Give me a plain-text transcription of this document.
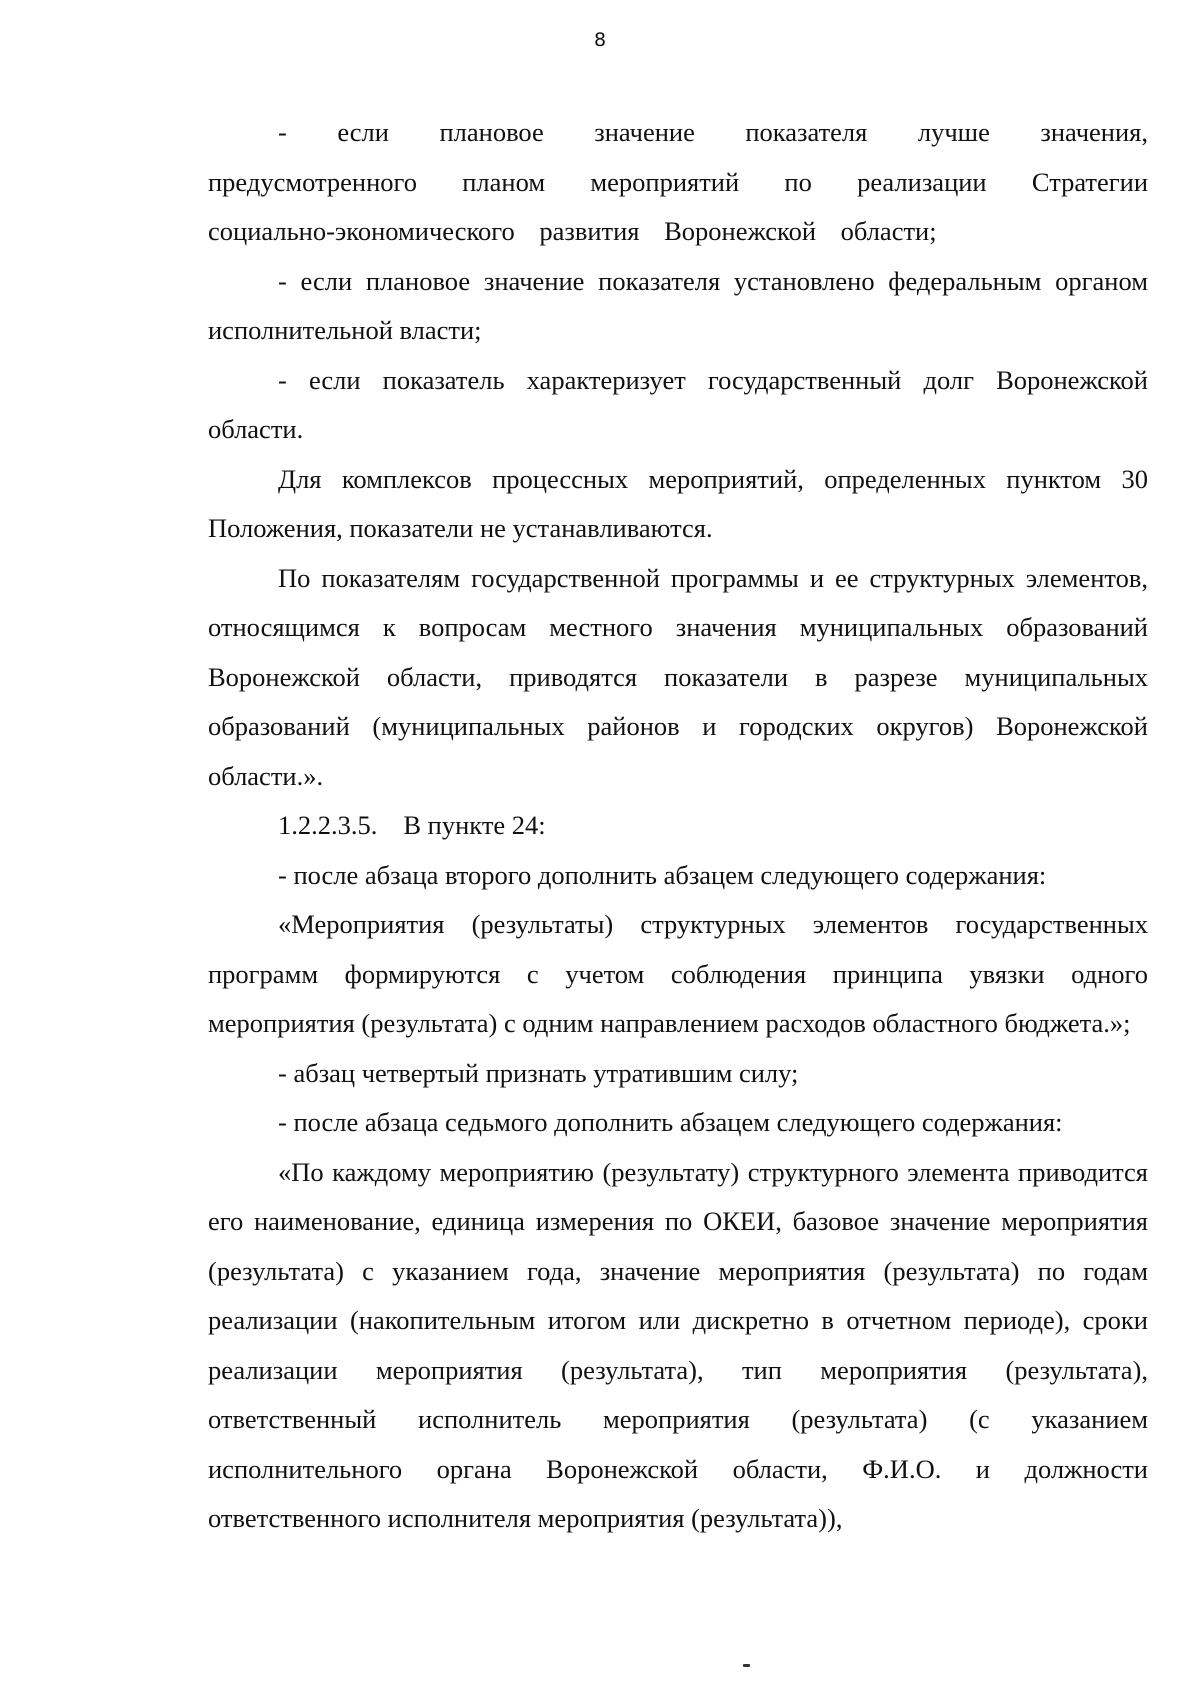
8

- если плановое значение показателя лучше значения, предусмотренного планом мероприятий по реализации Стратегии социально-экономического развития Воронежской области;

- если плановое значение показателя установлено федеральным органом исполнительной власти;

- если показатель характеризует государственный долг Воронежской области.

Для комплексов процессных мероприятий, определенных пунктом 30 Положения, показатели не устанавливаются.

По показателям государственной программы и ее структурных элементов, относящимся к вопросам местного значения муниципальных образований Воронежской области, приводятся показатели в разрезе муниципальных образований (муниципальных районов и городских округов) Воронежской области.».

1.2.2.3.5. В пункте 24:

- после абзаца второго дополнить абзацем следующего содержания:

«Мероприятия (результаты) структурных элементов государственных программ формируются с учетом соблюдения принципа увязки одного мероприятия (результата) с одним направлением расходов областного бюджета.»;

- абзац четвертый признать утратившим силу;

- после абзаца седьмого дополнить абзацем следующего содержания:

«По каждому мероприятию (результату) структурного элемента приводится его наименование, единица измерения по ОКЕИ, базовое значение мероприятия (результата) с указанием года, значение мероприятия (результата) по годам реализации (накопительным итогом или дискретно в отчетном периоде), сроки реализации мероприятия (результата), тип мероприятия (результата), ответственный исполнитель мероприятия (результата) (с указанием исполнительного органа Воронежской области, Ф.И.О. и должности ответственного исполнителя мероприятия (результата)),
